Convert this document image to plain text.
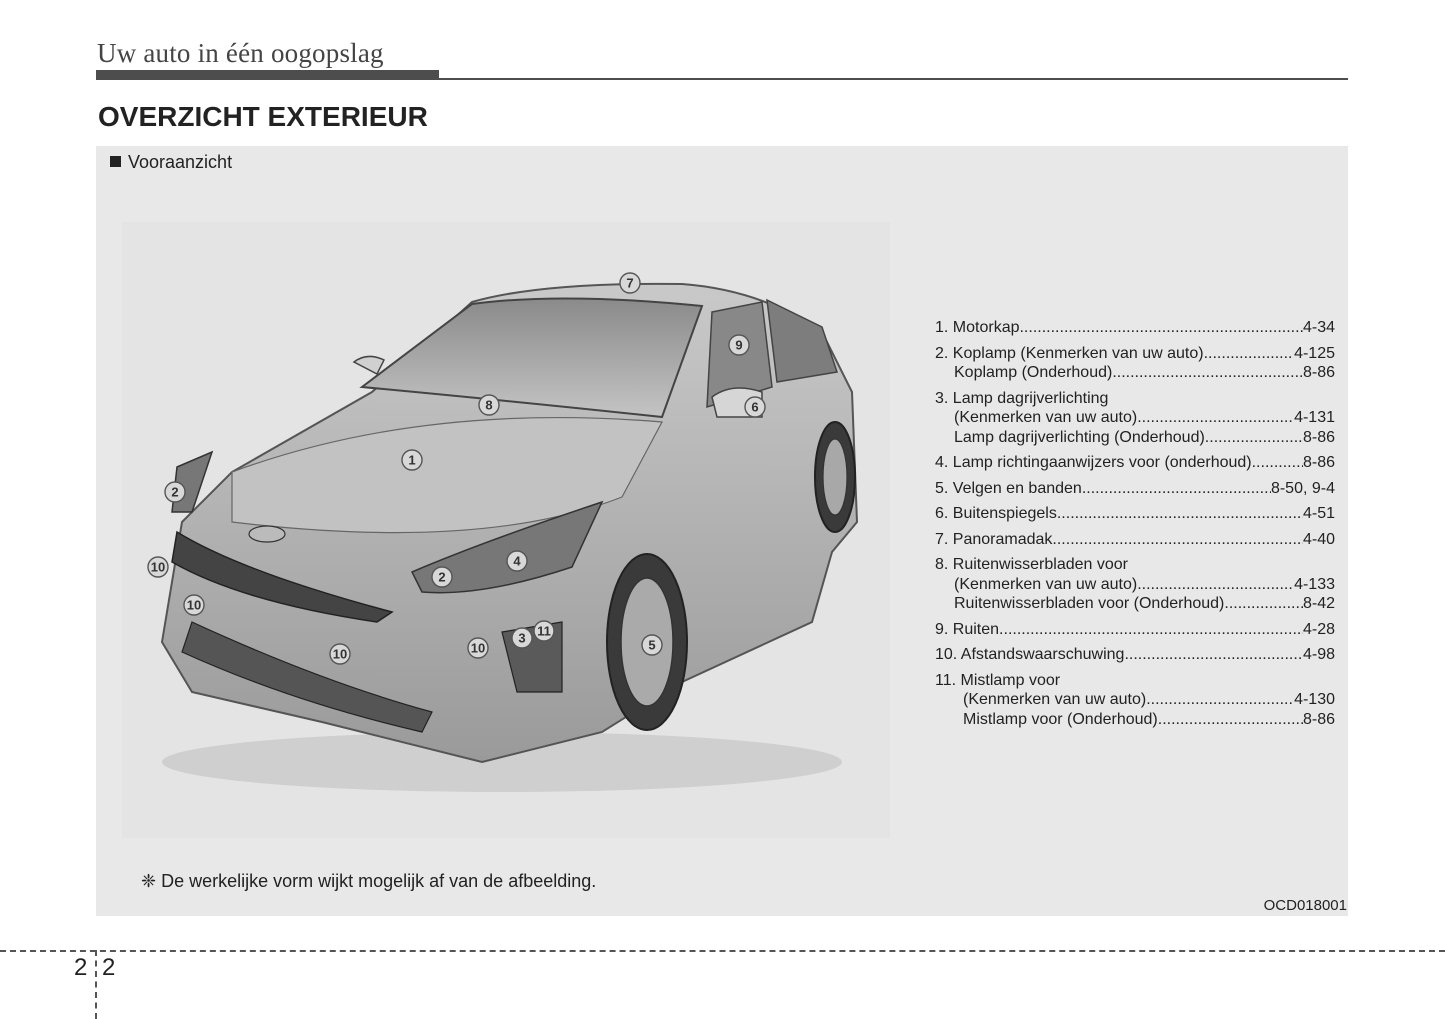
Uw auto in één oogopslag
OVERZICHT EXTERIEUR
Vooraanzicht
1
2
2
3
4
5
6
7
8
9
10
10
10	10
11
1. Motorkap..... .....	4-34
2. Koplamp (Kenmerken van uw auto)....... .....	4-125
Koplamp (Onderhoud).................... .....	8-86
3. Lamp dagrijverlichting
(Kenmerken van uw auto) .....	4-131
Lamp dagrijverlichting (Onderhoud) .....	8-86
4. Lamp richtingaanwijzers voor (onderhoud) .....	8-86
5. Velgen en banden .....	8-50, 9-4
6. Buitenspiegels .....	4-51
7. Panoramadak .....	4-40
8. Ruitenwisserbladen voor
(Kenmerken van uw auto) .....	4-133
Ruitenwisserbladen voor (Onderhoud) .....	8-42
9. Ruiten .....	4-28
10. Afstandswaarschuwing .....	4-98
11. Mistlamp voor
(Kenmerken van uw auto) .....	4-130
Mistlamp voor (Onderhoud) .....	8-86
❈ De werkelijke vorm wijkt mogelijk af van de afbeelding.
OCD018001
2 2
